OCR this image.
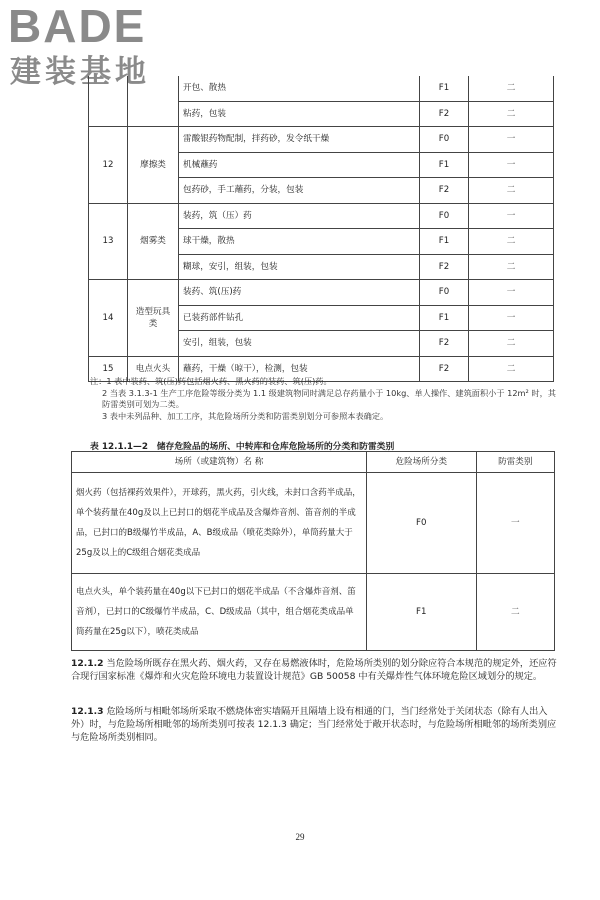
BADE
建装基地
			开包、散热	F1	二
		粘药，包装	F2	二
12	摩擦类	雷酸银药物配制，拌药砂，发令纸干燥	F0	一
		机械蘸药	F1	一
		包药砂，手工蘸药，分装，包装	F2	二
13	烟雾类	装药，筑（压）药	F0	一
		球干燥，散热	F1	二
		糊球，安引，组装，包装	F2	二
14	造型玩具类	装药、筑(压)药	F0	一
		已装药部件钻孔	F1	一
		安引，组装，包装	F2	二
15	电点火头	蘸药，干燥（晾干），检测，包装	F2	二

注：1 表中装药、筑(压)药包括烟火药、黑火药的装药、筑(压)药。

2 当表 3.1.3-1 生产工序危险等级分类为 1.1 级建筑物同时满足总存药量小于 10kg、单人操作、建筑面积小于 12m² 时，其防雷类别可划为二类。

3 表中未列品种、加工工序，其危险场所分类和防雷类别划分可参照本表确定。

表 12.1.1—2　储存危险品的场所、中转库和仓库危险场所的分类和防雷类别
场所（或建筑物）名 称	危险场所分类	防雷类别
烟火药（包括裸药效果件），开球药，黑火药，引火线，未封口含药半成品，单个装药量在40g及以上已封口的烟花半成品及含爆炸音剂、笛音剂的半成品，已封口的B级爆竹半成品，A、B级成品（喷花类除外），单筒药量大于25g及以上的C级组合烟花类成品	F0	一
电点火头，单个装药量在40g以下已封口的烟花半成品（不含爆炸音剂、笛音剂），已封口的C级爆竹半成品，C、D级成品（其中，组合烟花类成品单筒药量在25g以下），喷花类成品	F1	二
12.1.2 当危险场所既存在黑火药、烟火药，又存在易燃液体时，危险场所类别的划分除应符合本规范的规定外，还应符合现行国家标准《爆炸和火灾危险环境电力装置设计规范》GB 50058 中有关爆炸性气体环境危险区域划分的规定。
12.1.3 危险场所与相毗邻场所采取不燃烧体密实墙隔开且隔墙上设有相通的门，当门经常处于关闭状态（除有人出入外）时，与危险场所相毗邻的场所类别可按表 12.1.3 确定；当门经常处于敞开状态时，与危险场所相毗邻的场所类别应与危险场所类别相同。
29
